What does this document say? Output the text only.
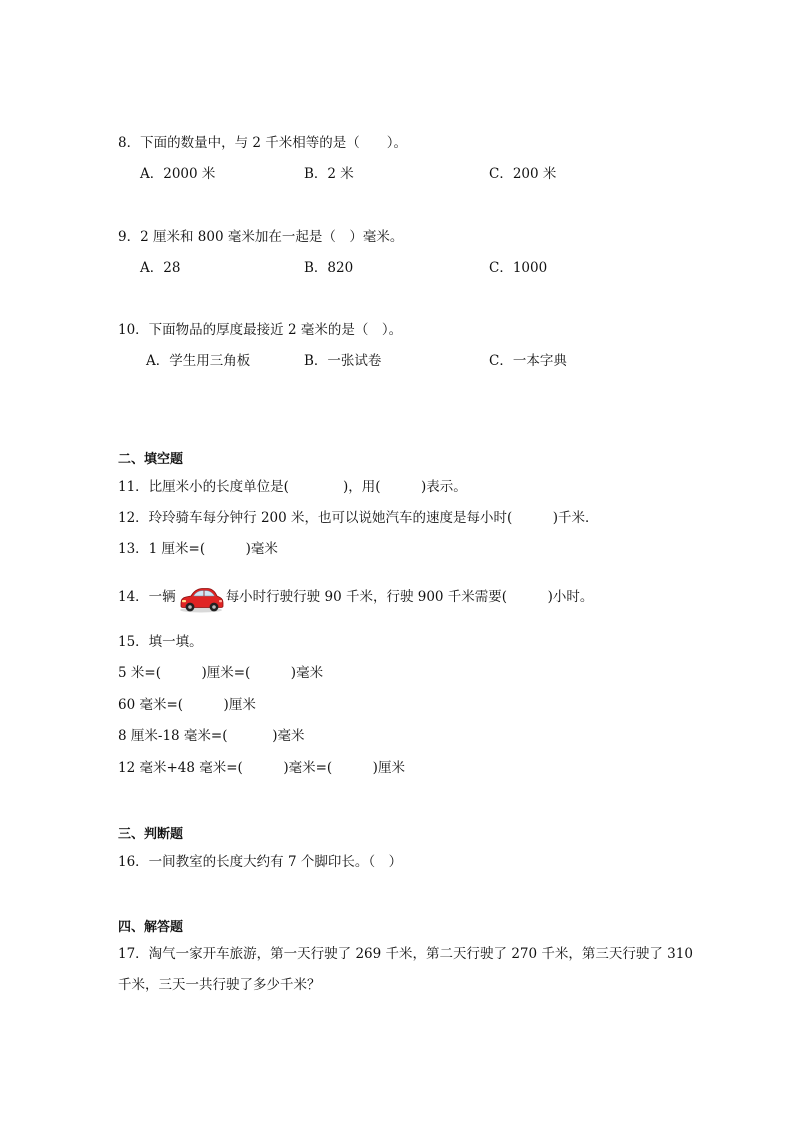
8．下面的数量中，与 2 千米相等的是（　　）。
A．2000 米	B．2 米	C．200 米
9．2 厘米和 800 毫米加在一起是（　）毫米。
A．28	B．820	C．1000
10．下面物品的厚度最接近 2 毫米的是（　）。
A．学生用三角板	B．一张试卷	C．一本字典
二、填空题
11．比厘米小的长度单位是(　　　　)，用(　　　)表示。
12．玲玲骑车每分钟行 200 米，也可以说她汽车的速度是每小时(　　　)千米．
13．1 厘米=(　　　)毫米
14．一辆	每小时行驶行驶 90 千米，行驶 900 千米需要(　　　)小时。
15．填一填。
5 米=(　　　)厘米=(　　　)毫米
60 毫米=(　　　)厘米
8 厘米-18 毫米=(　　　 )毫米
12 毫米+48 毫米=(　　　)毫米=(　　　)厘米
三、判断题
16．一间教室的长度大约有 7 个脚印长。（　）
四、解答题
17．淘气一家开车旅游，第一天行驶了 269 千米，第二天行驶了 270 千米，第三天行驶了 310
千米，三天一共行驶了多少千米？
